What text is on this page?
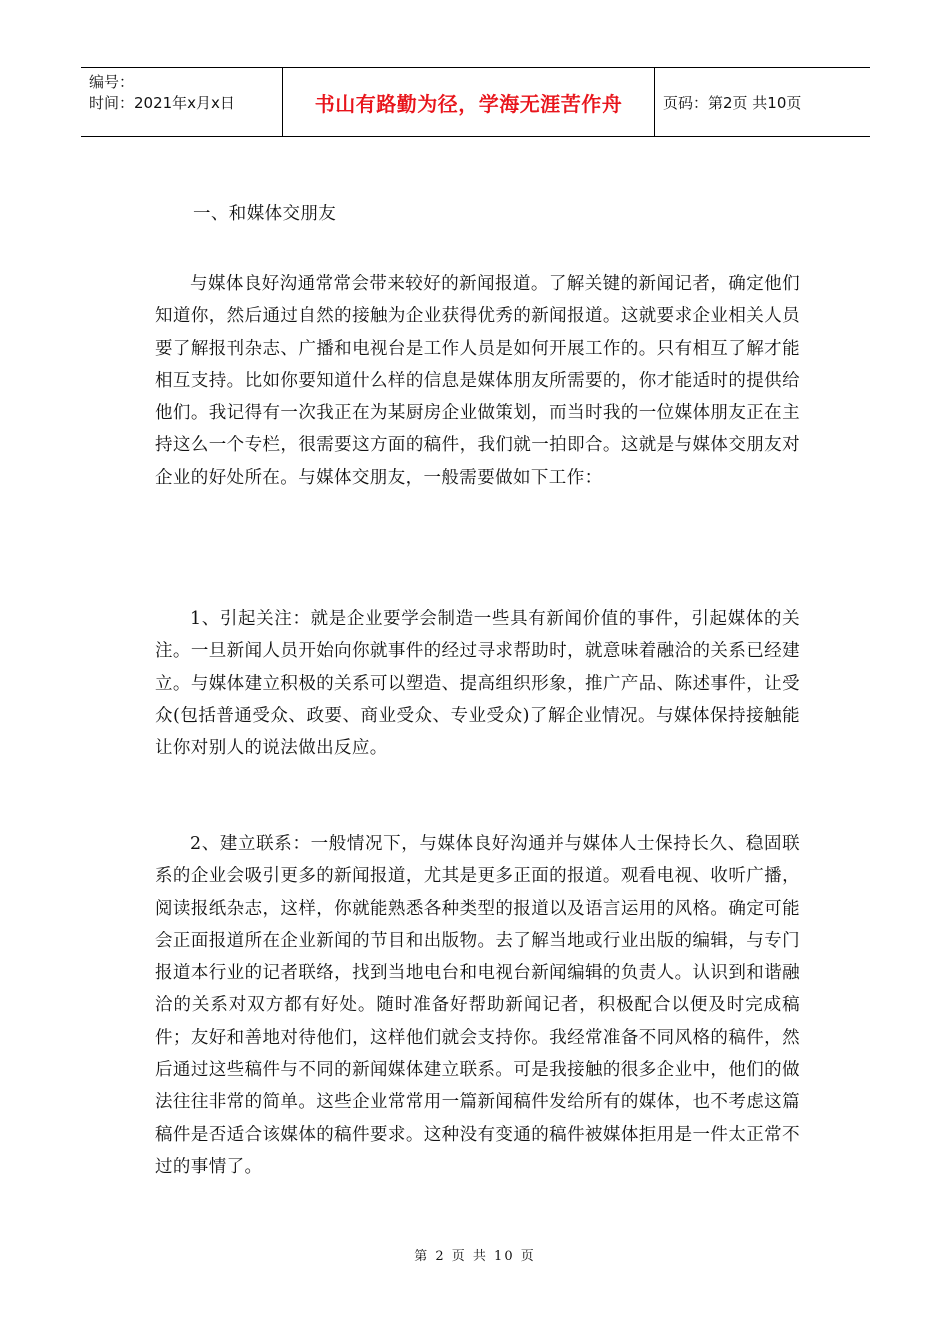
编号：
时间：2021年x月x日	书山有路勤为径，学海无涯苦作舟	页码：第2页 共10页
一、和媒体交朋友

与媒体良好沟通常常会带来较好的新闻报道。了解关键的新闻记者，确定他们知道你，然后通过自然的接触为企业获得优秀的新闻报道。这就要求企业相关人员要了解报刊杂志、广播和电视台是工作人员是如何开展工作的。只有相互了解才能相互支持。比如你要知道什么样的信息是媒体朋友所需要的，你才能适时的提供给他们。我记得有一次我正在为某厨房企业做策划，而当时我的一位媒体朋友正在主持这么一个专栏，很需要这方面的稿件，我们就一拍即合。这就是与媒体交朋友对企业的好处所在。与媒体交朋友，一般需要做如下工作：

1、引起关注：就是企业要学会制造一些具有新闻价值的事件，引起媒体的关注。一旦新闻人员开始向你就事件的经过寻求帮助时，就意味着融洽的关系已经建立。与媒体建立积极的关系可以塑造、提高组织形象，推广产品、陈述事件，让受众(包括普通受众、政要、商业受众、专业受众)了解企业情况。与媒体保持接触能让你对别人的说法做出反应。

2、建立联系：一般情况下，与媒体良好沟通并与媒体人士保持长久、稳固联系的企业会吸引更多的新闻报道，尤其是更多正面的报道。观看电视、收听广播，阅读报纸杂志，这样，你就能熟悉各种类型的报道以及语言运用的风格。确定可能会正面报道所在企业新闻的节目和出版物。去了解当地或行业出版的编辑，与专门报道本行业的记者联络，找到当地电台和电视台新闻编辑的负责人。认识到和谐融洽的关系对双方都有好处。随时准备好帮助新闻记者，积极配合以便及时完成稿件；友好和善地对待他们，这样他们就会支持你。我经常准备不同风格的稿件，然后通过这些稿件与不同的新闻媒体建立联系。可是我接触的很多企业中，他们的做法往往非常的简单。这些企业常常用一篇新闻稿件发给所有的媒体，也不考虑这篇稿件是否适合该媒体的稿件要求。这种没有变通的稿件被媒体拒用是一件太正常不过的事情了。

第 2 页 共 10 页
